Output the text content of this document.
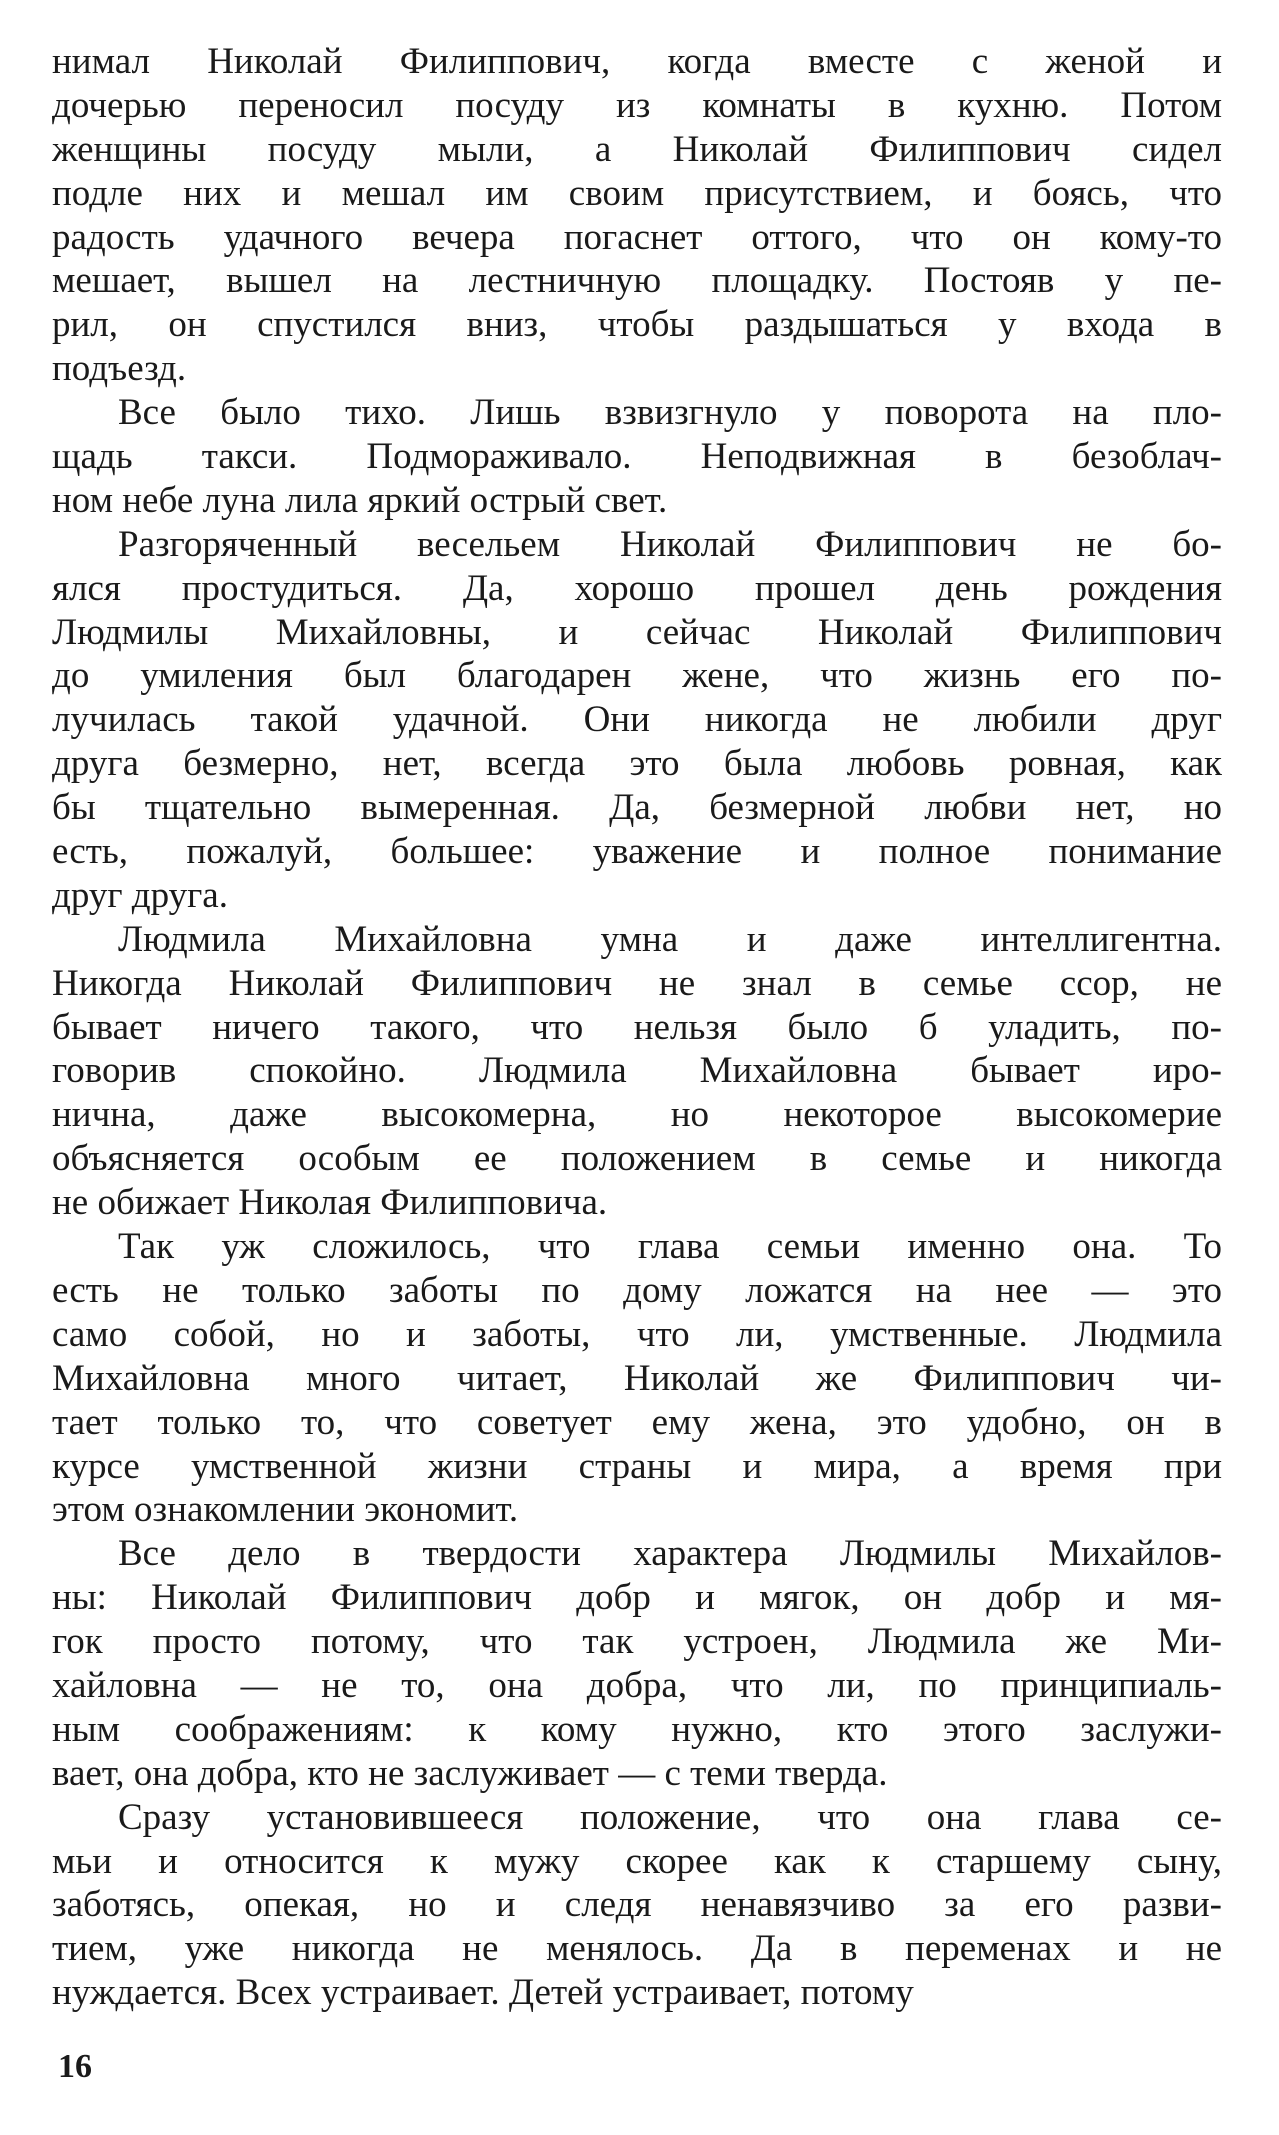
нимал Николай Филиппович, когда вместе с женой и
дочерью переносил посуду из комнаты в кухню. Потом
женщины посуду мыли, а Николай Филиппович сидел
подле них и мешал им своим присутствием, и боясь, что
радость удачного вечера погаснет оттого, что он кому-то
мешает, вышел на лестничную площадку. Постояв у пе-
рил, он спустился вниз, чтобы раздышаться у входа в
подъезд.
Все было тихо. Лишь взвизгнуло у поворота на пло-
щадь такси. Подмораживало. Неподвижная в безоблач-
ном небе луна лила яркий острый свет.
Разгоряченный весельем Николай Филиппович не бо-
ялся простудиться. Да, хорошо прошел день рождения
Людмилы Михайловны, и сейчас Николай Филиппович
до умиления был благодарен жене, что жизнь его по-
лучилась такой удачной. Они никогда не любили друг
друга безмерно, нет, всегда это была любовь ровная, как
бы тщательно вымеренная. Да, безмерной любви нет, но
есть, пожалуй, большее: уважение и полное понимание
друг друга.
Людмила Михайловна умна и даже интеллигентна.
Никогда Николай Филиппович не знал в семье ссор, не
бывает ничего такого, что нельзя было б уладить, по-
говорив спокойно. Людмила Михайловна бывает иро-
нична, даже высокомерна, но некоторое высокомерие
объясняется особым ее положением в семье и никогда
не обижает Николая Филипповича.
Так уж сложилось, что глава семьи именно она. То
есть не только заботы по дому ложатся на нее — это
само собой, но и заботы, что ли, умственные. Людмила
Михайловна много читает, Николай же Филиппович чи-
тает только то, что советует ему жена, это удобно, он в
курсе умственной жизни страны и мира, а время при
этом ознакомлении экономит.
Все дело в твердости характера Людмилы Михайлов-
ны: Николай Филиппович добр и мягок, он добр и мя-
гок просто потому, что так устроен, Людмила же Ми-
хайловна — не то, она добра, что ли, по принципиаль-
ным соображениям: к кому нужно, кто этого заслужи-
вает, она добра, кто не заслуживает — с теми тверда.
Сразу установившееся положение, что она глава се-
мьи и относится к мужу скорее как к старшему сыну,
заботясь, опекая, но и следя ненавязчиво за его разви-
тием, уже никогда не менялось. Да в переменах и не
нуждается. Всех устраивает. Детей устраивает, потому
16
